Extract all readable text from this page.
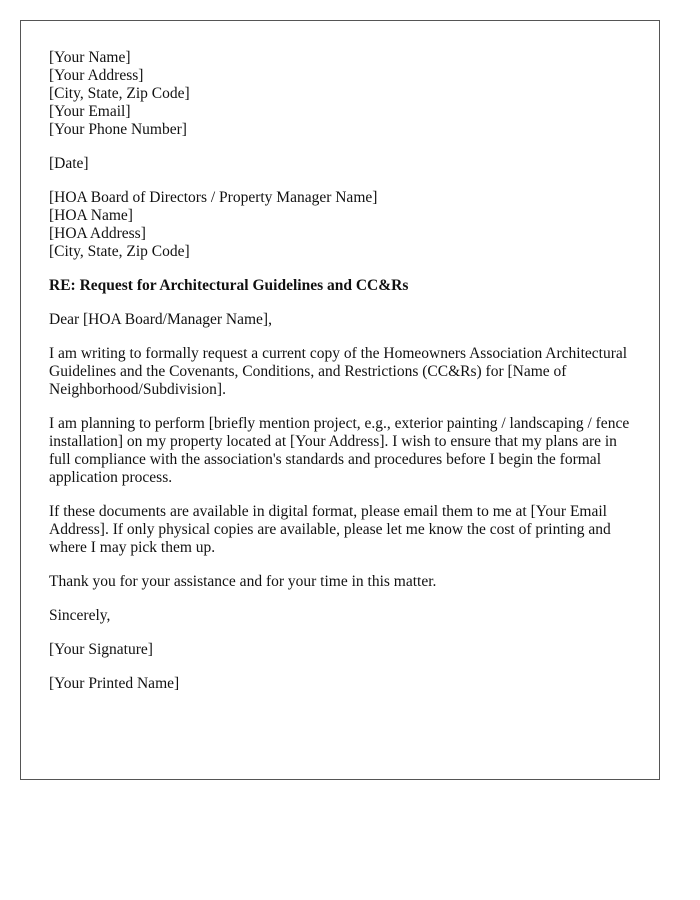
[Your Name]
[Your Address]
[City, State, Zip Code]
[Your Email]
[Your Phone Number]
[Date]
[HOA Board of Directors / Property Manager Name]
[HOA Name]
[HOA Address]
[City, State, Zip Code]

RE: Request for Architectural Guidelines and CC&Rs

Dear [HOA Board/Manager Name],

I am writing to formally request a current copy of the Homeowners Association Architectural Guidelines and the Covenants, Conditions, and Restrictions (CC&Rs) for [Name of Neighborhood/Subdivision].

I am planning to perform [briefly mention project, e.g., exterior painting / landscaping / fence installation] on my property located at [Your Address]. I wish to ensure that my plans are in full compliance with the association's standards and procedures before I begin the formal application process.

If these documents are available in digital format, please email them to me at [Your Email Address]. If only physical copies are available, please let me know the cost of printing and where I may pick them up.

Thank you for your assistance and for your time in this matter.

Sincerely,

[Your Signature]

[Your Printed Name]
